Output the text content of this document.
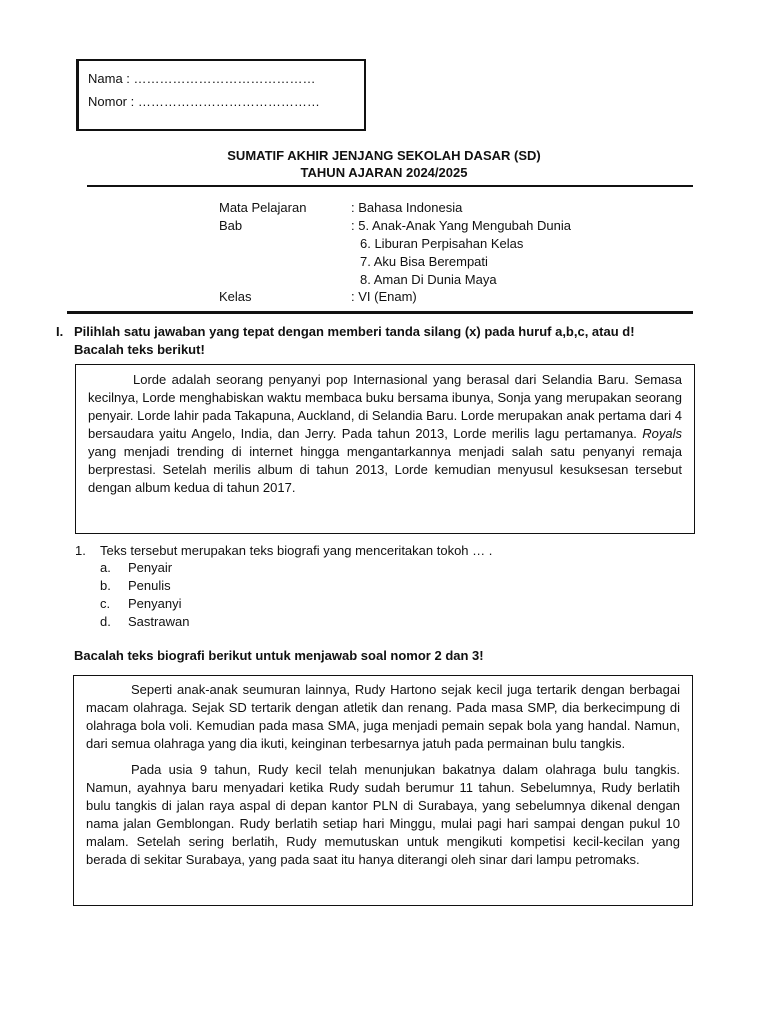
Nama : ……………………………………
Nomor : ……………………………………
SUMATIF AKHIR JENJANG SEKOLAH DASAR (SD)
TAHUN AJARAN 2024/2025
Mata Pelajaran	: Bahasa Indonesia
Bab	: 5. Anak-Anak Yang Mengubah Dunia
6. Liburan Perpisahan Kelas
7. Aku Bisa Berempati
8. Aman Di Dunia Maya
Kelas	: VI (Enam)
I. Pilihlah satu jawaban yang tepat dengan memberi tanda silang (x) pada huruf a,b,c, atau d!
Bacalah teks berikut!

Lorde adalah seorang penyanyi pop Internasional yang berasal dari Selandia Baru. Semasa kecilnya, Lorde menghabiskan waktu membaca buku bersama ibunya, Sonja yang merupakan seorang penyair. Lorde lahir pada Takapuna, Auckland, di Selandia Baru. Lorde merupakan anak pertama dari 4 bersaudara yaitu Angelo, India, dan Jerry. Pada tahun 2013, Lorde merilis lagu pertamanya. Royals yang menjadi trending di internet hingga mengantarkannya menjadi salah satu penyanyi remaja berprestasi. Setelah merilis album di tahun 2013, Lorde kemudian menyusul kesuksesan tersebut dengan album kedua di tahun 2017.

1. Teks tersebut merupakan teks biografi yang menceritakan tokoh … .
a. Penyair
b. Penulis
c. Penyanyi
d. Sastrawan
Bacalah teks biografi berikut untuk menjawab soal nomor 2 dan 3!

Seperti anak-anak seumuran lainnya, Rudy Hartono sejak kecil juga tertarik dengan berbagai macam olahraga. Sejak SD tertarik dengan atletik dan renang. Pada masa SMP, dia berkecimpung di olahraga bola voli. Kemudian pada masa SMA, juga menjadi pemain sepak bola yang handal. Namun, dari semua olahraga yang dia ikuti, keinginan terbesarnya jatuh pada permainan bulu tangkis.

Pada usia 9 tahun, Rudy kecil telah menunjukan bakatnya dalam olahraga bulu tangkis. Namun, ayahnya baru menyadari ketika Rudy sudah berumur 11 tahun. Sebelumnya, Rudy berlatih bulu tangkis di jalan raya aspal di depan kantor PLN di Surabaya, yang sebelumnya dikenal dengan nama jalan Gemblongan. Rudy berlatih setiap hari Minggu, mulai pagi hari sampai dengan pukul 10 malam. Setelah sering berlatih, Rudy memutuskan untuk mengikuti kompetisi kecil-kecilan yang berada di sekitar Surabaya, yang pada saat itu hanya diterangi oleh sinar dari lampu petromaks.
